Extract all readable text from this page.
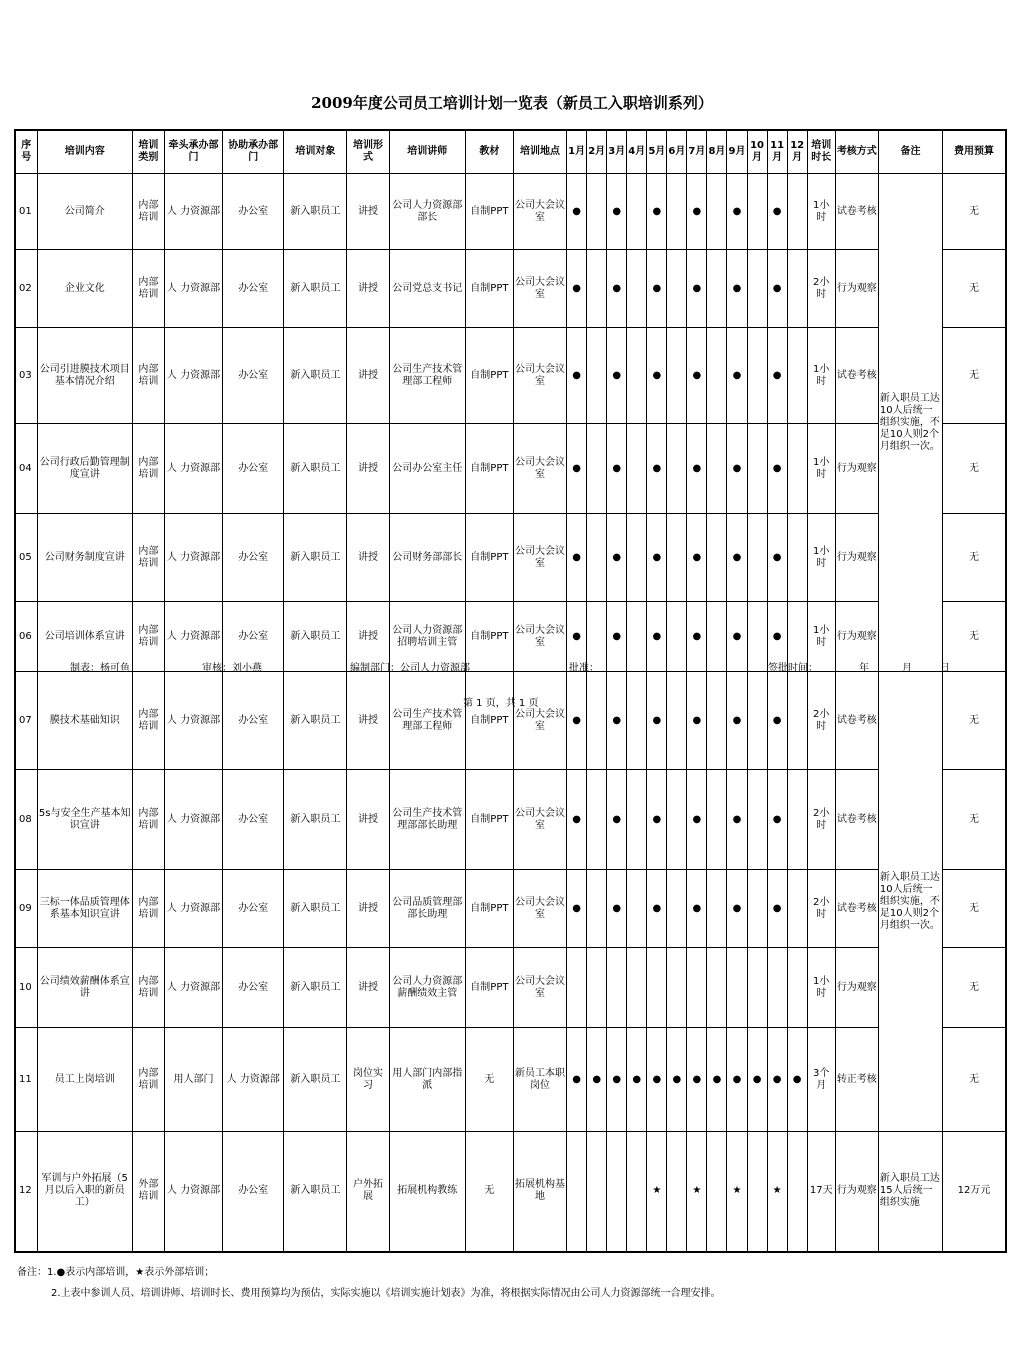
2009年度公司员工培训计划一览表（新员工入职培训系列）
序号	培训内容	培训类别	牵头承办部门	协助承办部门	培训对象	培训形式	培训讲师	教材	培训地点	1月	2月	3月	4月	5月	6月	7月	8月	9月	10月	11月	12月	培训时长	考核方式	备注	费用预算
01	公司简介	内部培训	人 力资源部	办公室	新入职员工	讲授	公司人力资源部部长	自制PPT	公司大会议室	●		●		●		●		●		●		1小时	试卷考核	新入职员工达10人后统一组织实施，不足10人则2个月组织一次。	无
02	企业文化	内部培训	人 力资源部	办公室	新入职员工	讲授	公司党总支书记	自制PPT	公司大会议室	●		●		●		●		●		●		2小时	行为观察		无
03	公司引进膜技术项目基本情况介绍	内部培训	人 力资源部	办公室	新入职员工	讲授	公司生产技术管理部工程师	自制PPT	公司大会议室	●		●		●		●		●		●		1小时	试卷考核		无
04	公司行政后勤管理制度宣讲	内部培训	人 力资源部	办公室	新入职员工	讲授	公司办公室主任	自制PPT	公司大会议室	●		●		●		●		●		●		1小时	行为观察		无
05	公司财务制度宣讲	内部培训	人 力资源部	办公室	新入职员工	讲授	公司财务部部长	自制PPT	公司大会议室	●		●		●		●		●		●		1小时	行为观察		无
06	公司培训体系宣讲	内部培训	人 力资源部	办公室	新入职员工	讲授	公司人力资源部招聘培训主管	自制PPT	公司大会议室	●		●		●		●		●		●		1小时	行为观察		无
07	膜技术基础知识	内部培训	人 力资源部	办公室	新入职员工	讲授	公司生产技术管理部工程师	自制PPT	公司大会议室	●		●		●		●		●		●		2小时	试卷考核	新入职员工达10人后统一组织实施，不足10人则2个月组织一次。	无
08	5s与安全生产基本知识宣讲	内部培训	人 力资源部	办公室	新入职员工	讲授	公司生产技术管理部部长助理	自制PPT	公司大会议室	●		●		●		●		●		●		2小时	试卷考核		无
09	三标一体品质管理体系基本知识宣讲	内部培训	人 力资源部	办公室	新入职员工	讲授	公司品质管理部部长助理	自制PPT	公司大会议室	●		●		●		●		●		●		2小时	试卷考核		无
10	公司绩效薪酬体系宣讲	内部培训	人 力资源部	办公室	新入职员工	讲授	公司人力资源部薪酬绩效主管	自制PPT	公司大会议室													1小时	行为观察		无
11	员工上岗培训	内部培训	用人部门	人 力资源部	新入职员工	岗位实习	用人部门内部指派	无	新员工本职岗位	●	●	●	●	●	●	●	●	●	●	●	●	3个月	转正考核		无
12	军训与户外拓展（5月以后入职的新员工）	外部培训	人 力资源部	办公室	新入职员工	户外拓展	拓展机构教练	无	拓展机构基地					★		★		★		★		17天	行为观察	新入职员工达15人后统一组织实施	12万元
制表：杨可鱼	审核：刘小燕	编制部门：公司人力资源部	批准：	签批时间：	年	月	日
第 1 页，共 1 页
备注：1.●表示内部培训，★表示外部培训；
2.上表中参训人员、培训讲师、培训时长、费用预算均为预估，实际实施以《培训实施计划表》为准，将根据实际情况由公司人力资源部统一合理安排。
